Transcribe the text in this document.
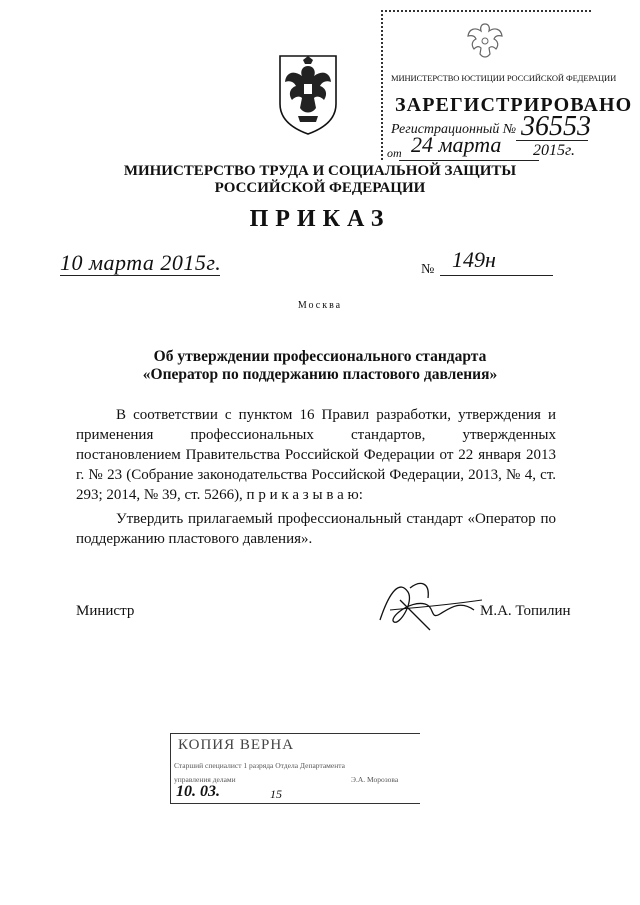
МИНИСТЕРСТВО ЮСТИЦИИ РОССИЙСКОЙ ФЕДЕРАЦИИ
ЗАРЕГИСТРИРОВАНО
Регистрационный № 36553
от 24 марта 2015г.
МИНИСТЕРСТВО ТРУДА И СОЦИАЛЬНОЙ ЗАЩИТЫ
РОССИЙСКОЙ ФЕДЕРАЦИИ
ПРИКАЗ
10 марта 2015г.	№ 149н
Москва
Об утверждении профессионального стандарта
«Оператор по поддержанию пластового давления»
В соответствии с пунктом 16 Правил разработки, утверждения и применения профессиональных стандартов, утвержденных постановлением Правительства Российской Федерации от 22 января 2013 г. № 23 (Собрание законодательства Российской Федерации, 2013, № 4, ст. 293; 2014, № 39, ст. 5266), п р и к а з ы в а ю:
Утвердить прилагаемый профессиональный стандарт «Оператор по поддержанию пластового давления».
Министр	М.А. Топилин
КОПИЯ ВЕРНА
Старший специалист 1 разряда Отдела Департамента
управления делами	Э.А. Морозова
10. 03.	15
